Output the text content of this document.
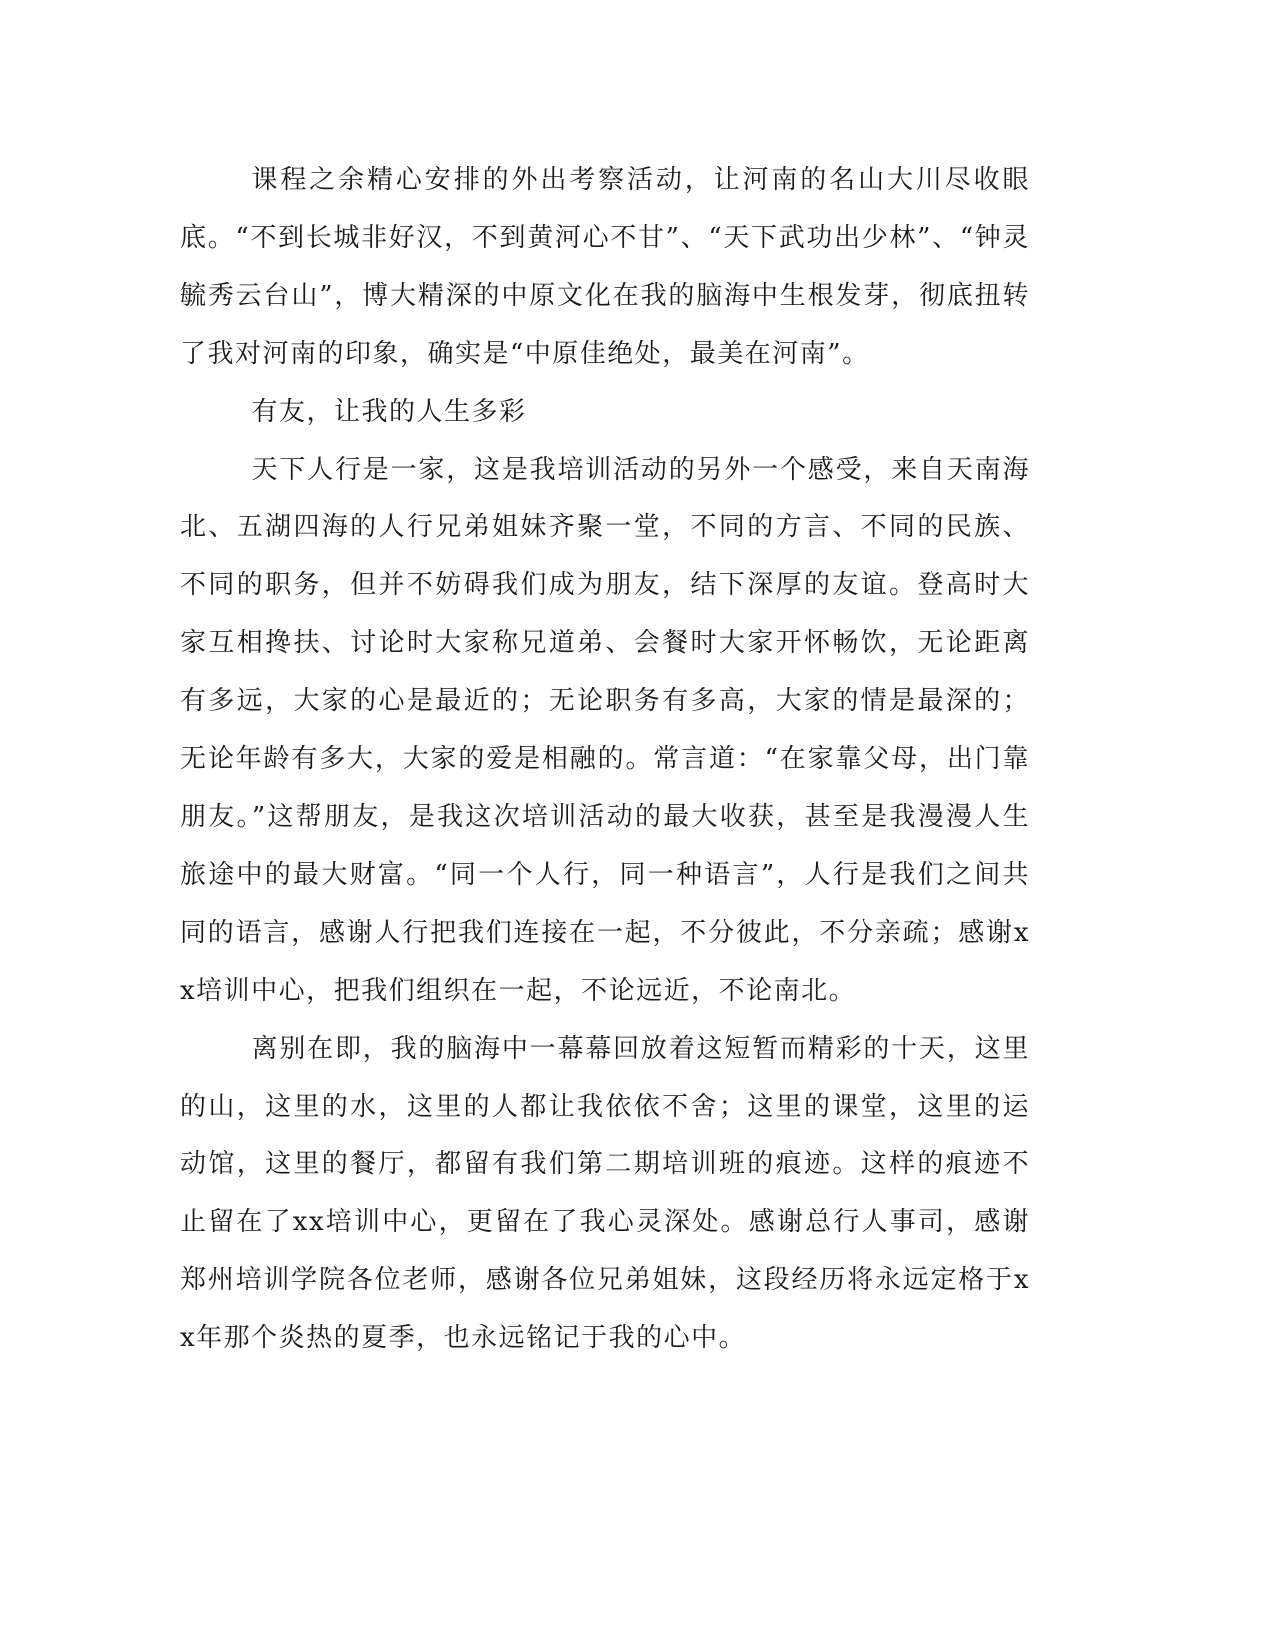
课程之余精心安排的外出考察活动，让河南的名山大川尽收眼底。“不到长城非好汉，不到黄河心不甘”、“天下武功出少林”、“钟灵毓秀云台山”，博大精深的中原文化在我的脑海中生根发芽，彻底扭转了我对河南的印象，确实是“中原佳绝处，最美在河南”。

有友，让我的人生多彩

天下人行是一家，这是我培训活动的另外一个感受，来自天南海北、五湖四海的人行兄弟姐妹齐聚一堂，不同的方言、不同的民族、不同的职务，但并不妨碍我们成为朋友，结下深厚的友谊。登高时大家互相搀扶、讨论时大家称兄道弟、会餐时大家开怀畅饮，无论距离有多远，大家的心是最近的；无论职务有多高，大家的情是最深的；无论年龄有多大，大家的爱是相融的。常言道：“在家靠父母，出门靠朋友。”这帮朋友，是我这次培训活动的最大收获，甚至是我漫漫人生旅途中的最大财富。“同一个人行，同一种语言”，人行是我们之间共同的语言，感谢人行把我们连接在一起，不分彼此，不分亲疏；感谢xx培训中心，把我们组织在一起，不论远近，不论南北。

离别在即，我的脑海中一幕幕回放着这短暂而精彩的十天，这里的山，这里的水，这里的人都让我依依不舍；这里的课堂，这里的运动馆，这里的餐厅，都留有我们第二期培训班的痕迹。这样的痕迹不止留在了xx培训中心，更留在了我心灵深处。感谢总行人事司，感谢郑州培训学院各位老师，感谢各位兄弟姐妹，这段经历将永远定格于xx年那个炎热的夏季，也永远铭记于我的心中。
